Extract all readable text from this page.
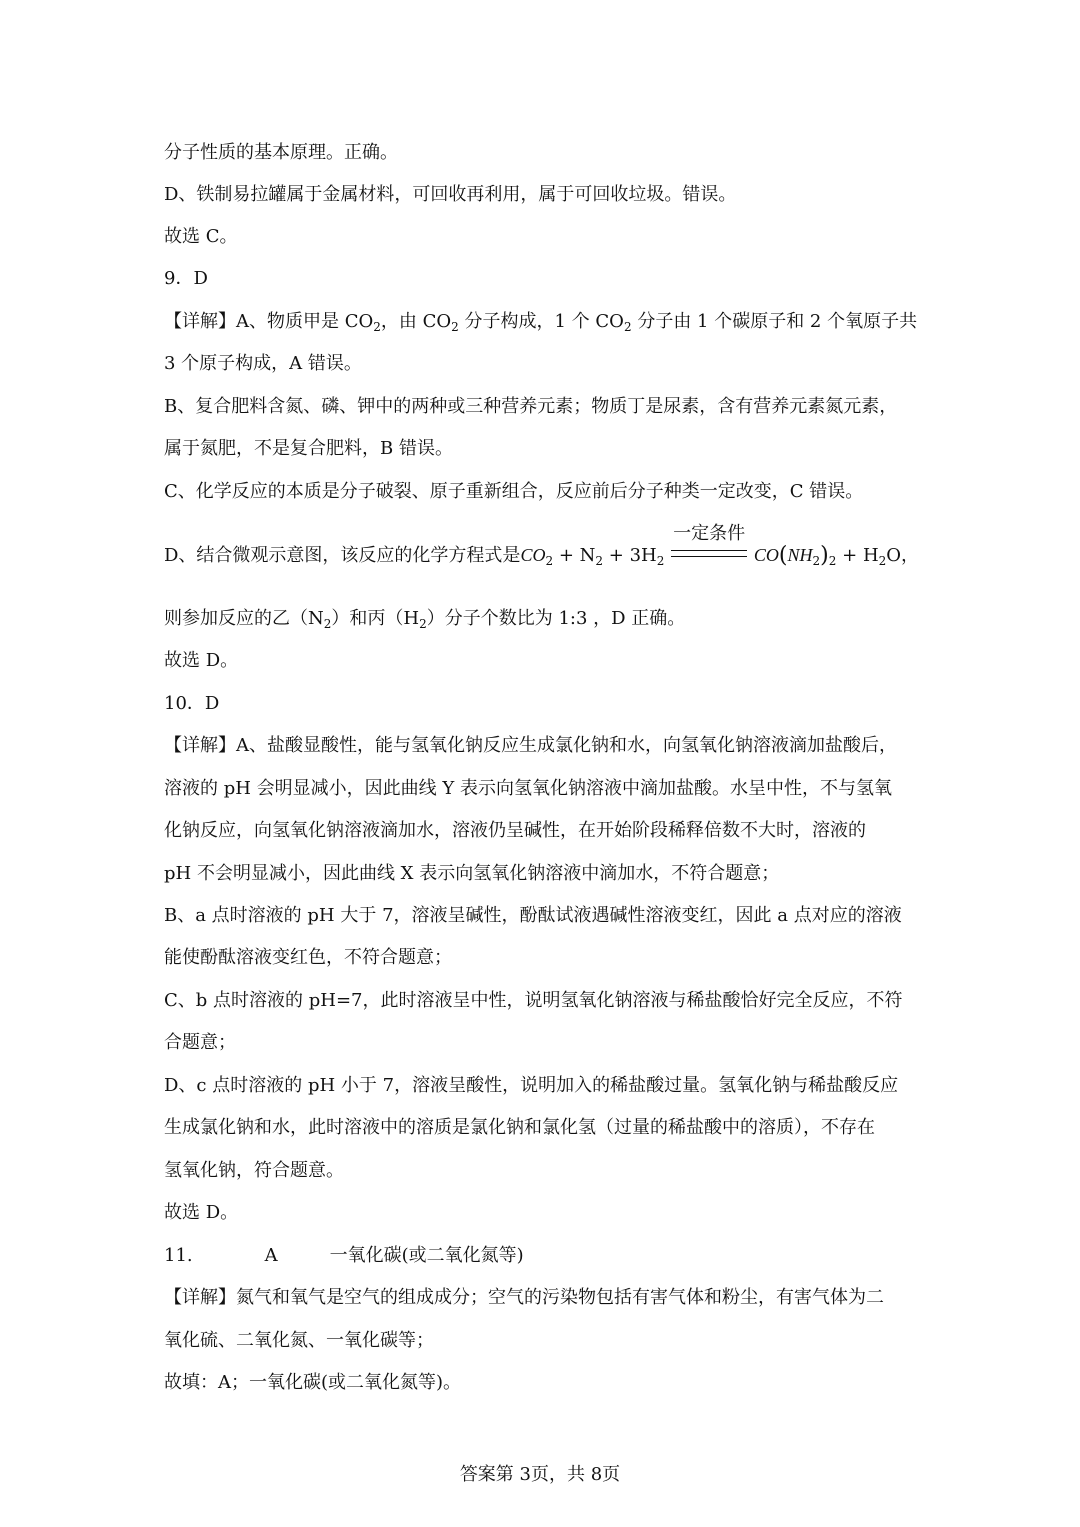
分子性质的基本原理。正确。
D、铁制易拉罐属于金属材料，可回收再利用，属于可回收垃圾。错误。
故选 C。
9．D
【详解】A、物质甲是 $CO_2$，由 $CO_2$ 分子构成，1 个 $CO_2$ 分子由 1 个碳原子和 2 个氧原子共
3 个原子构成，A 错误。
B、复合肥料含氮、磷、钾中的两种或三种营养元素；物质丁是尿素，含有营养元素氮元素，
属于氮肥，不是复合肥料，B 错误。
C、化学反应的本质是分子破裂、原子重新组合，反应前后分子种类一定改变，C 错误。
D、结合微观示意图，该反应的化学方程式是$CO_2 + N_2 + 3H_2$
一定条件
$CO(NH_2)_2 + H_2O$，
则参加反应的乙$(N_2)$和丙$(H_2)$分子个数比为 1:3 ，D 正确。
故选 D。
10．D
【详解】A、盐酸显酸性，能与氢氧化钠反应生成氯化钠和水，向氢氧化钠溶液滴加盐酸后，
溶液的 pH 会明显减小，因此曲线 Y 表示向氢氧化钠溶液中滴加盐酸。水呈中性，不与氢氧
化钠反应，向氢氧化钠溶液滴加水，溶液仍呈碱性，在开始阶段稀释倍数不大时，溶液的
pH 不会明显减小，因此曲线 X 表示向氢氧化钠溶液中滴加水，不符合题意；
B、a 点时溶液的 pH 大于 7，溶液呈碱性，酚酞试液遇碱性溶液变红，因此 a 点对应的溶液
能使酚酞溶液变红色，不符合题意；
C、b 点时溶液的 pH=7，此时溶液呈中性，说明氢氧化钠溶液与稀盐酸恰好完全反应，不符
合题意；
D、c 点时溶液的 pH 小于 7，溶液呈酸性，说明加入的稀盐酸过量。氢氧化钠与稀盐酸反应
生成氯化钠和水，此时溶液中的溶质是氯化钠和氯化氢（过量的稀盐酸中的溶质），不存在
氢氧化钠，符合题意。
故选 D。
11.	A	一氧化碳(或二氧化氮等)
【详解】氮气和氧气是空气的组成成分；空气的污染物包括有害气体和粉尘，有害气体为二
氧化硫、二氧化氮、一氧化碳等；
故填：A；一氧化碳(或二氧化氮等)。
答案第 3页，共 8页
